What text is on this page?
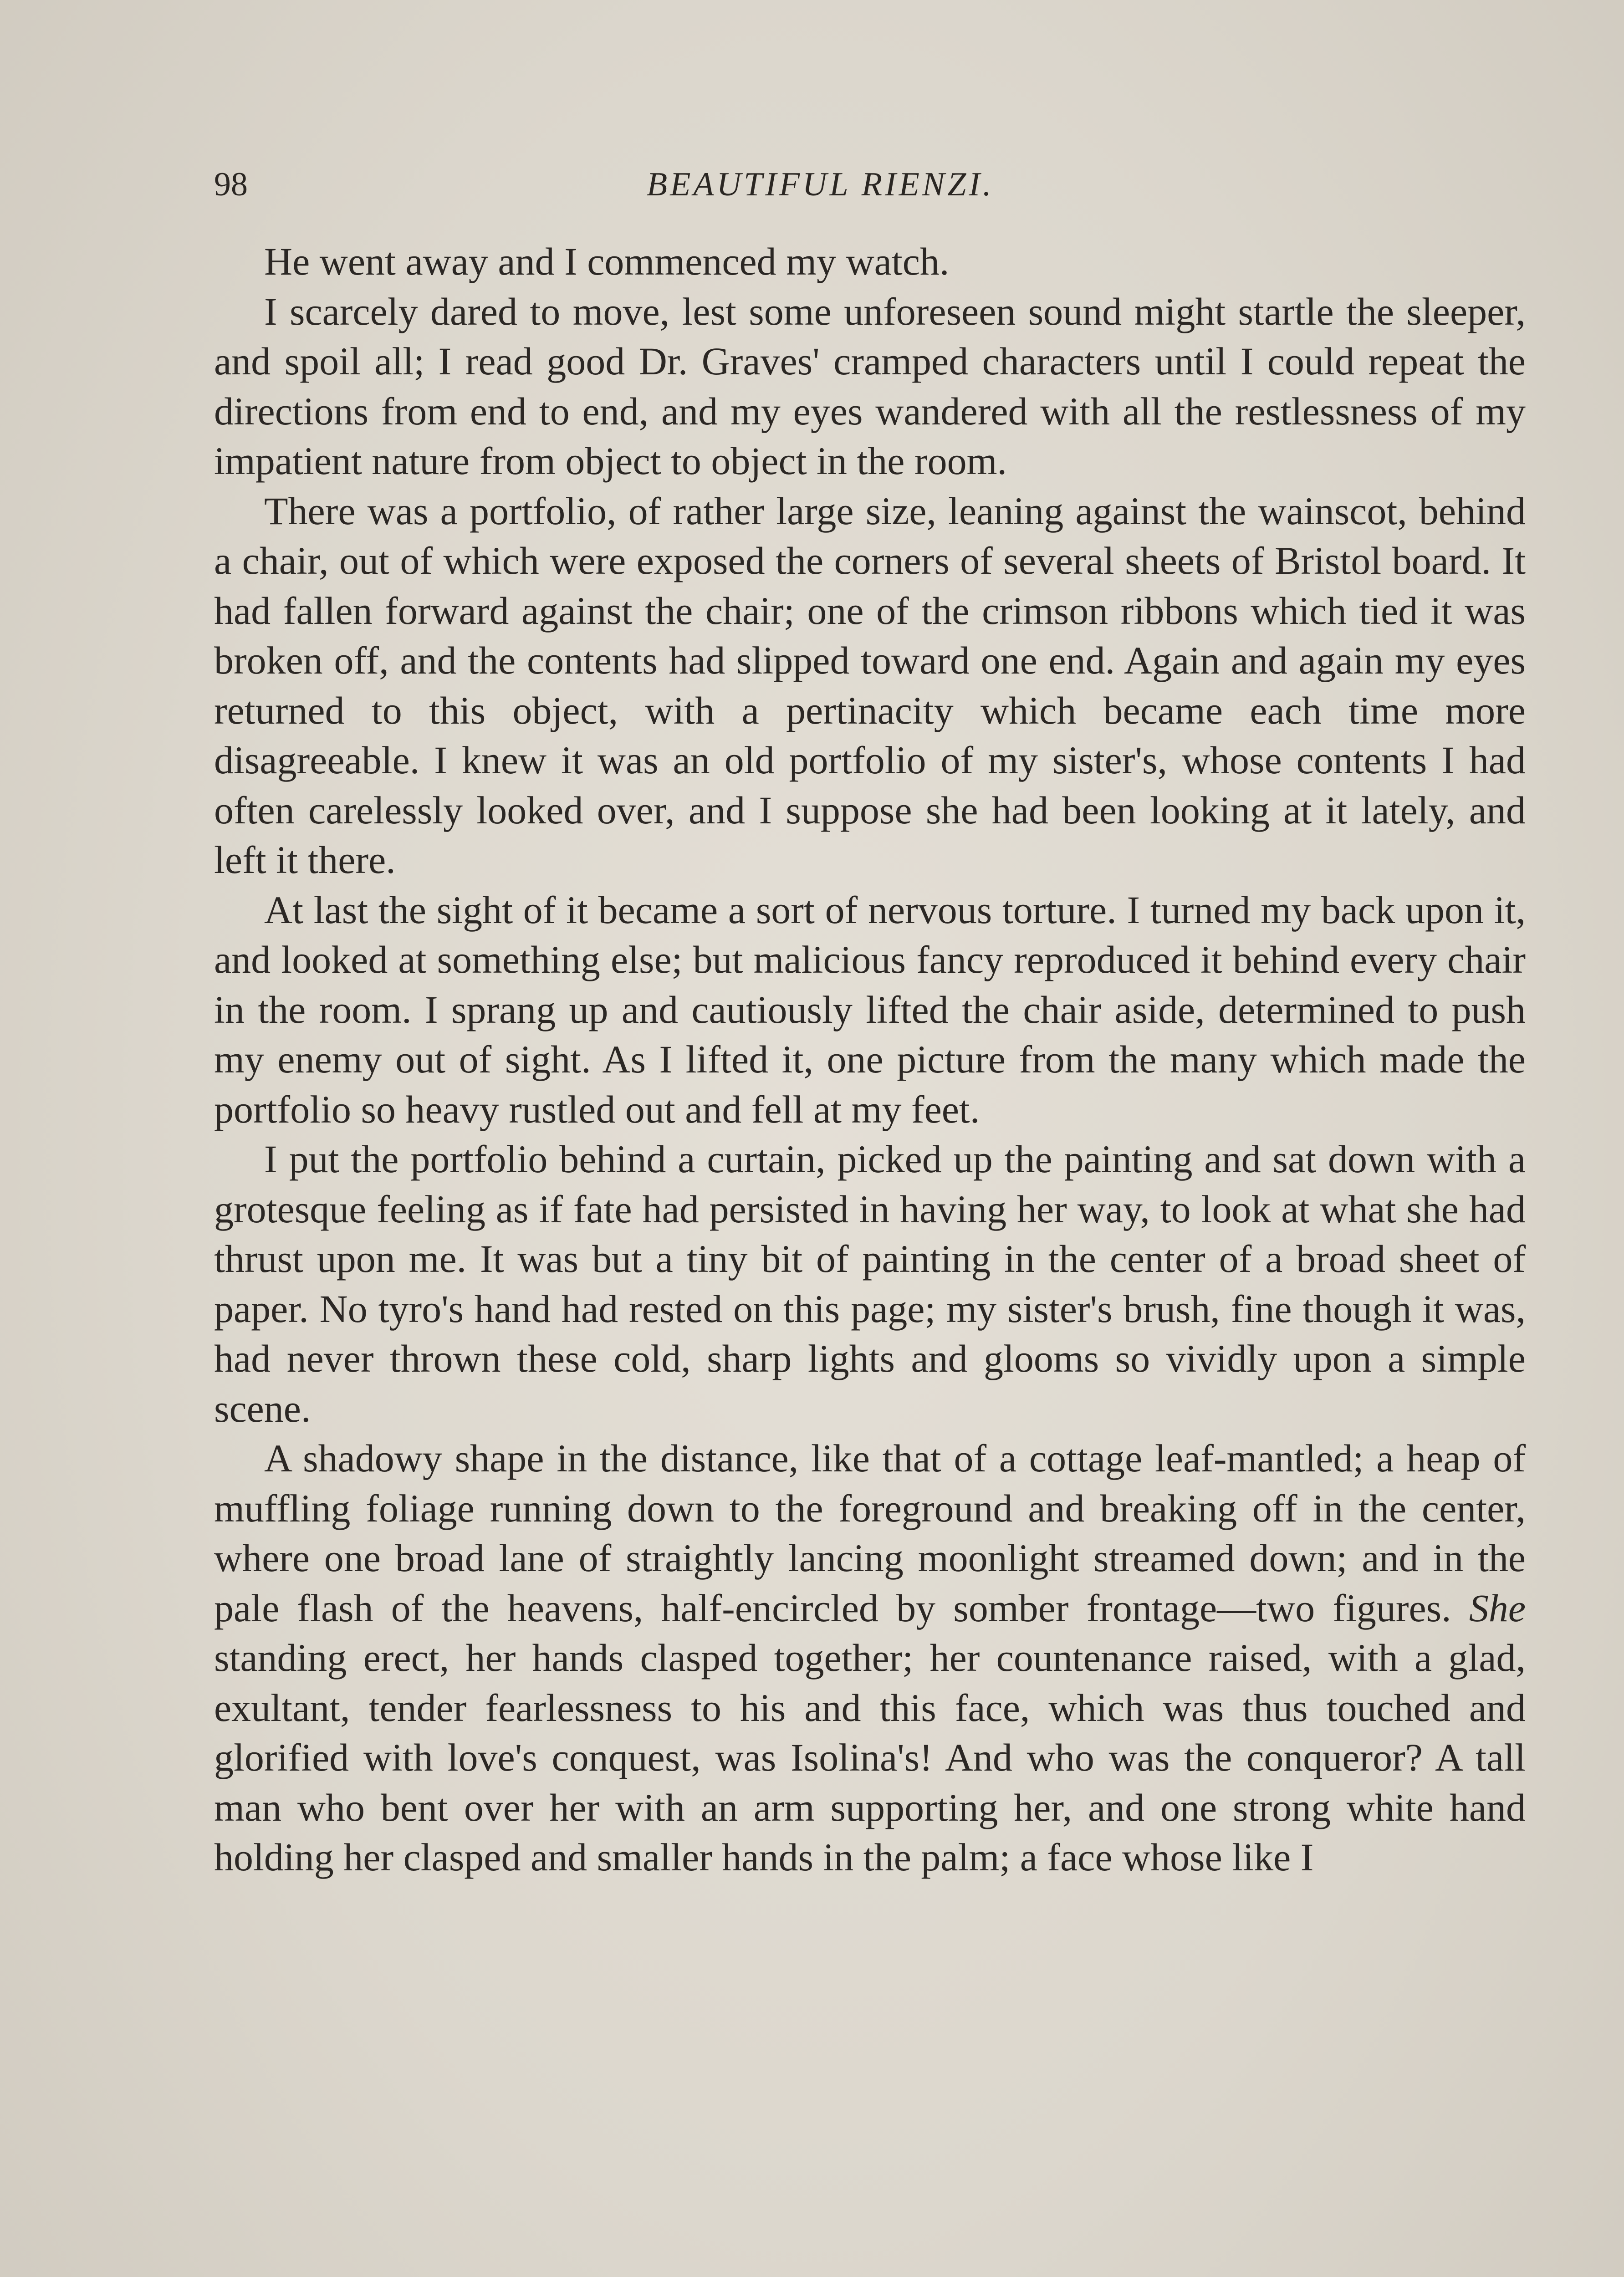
98	BEAUTIFUL RIENZI.

He went away and I commenced my watch.

I scarcely dared to move, lest some unforeseen sound might startle the sleeper, and spoil all; I read good Dr. Graves' cramped characters until I could repeat the directions from end to end, and my eyes wandered with all the restlessness of my impatient nature from object to object in the room.

There was a portfolio, of rather large size, leaning against the wainscot, behind a chair, out of which were exposed the corners of several sheets of Bristol board. It had fallen forward against the chair; one of the crimson ribbons which tied it was broken off, and the contents had slipped toward one end. Again and again my eyes returned to this object, with a pertinacity which became each time more disagreeable. I knew it was an old portfolio of my sister's, whose contents I had often carelessly looked over, and I suppose she had been looking at it lately, and left it there.

At last the sight of it became a sort of nervous torture. I turned my back upon it, and looked at something else; but malicious fancy reproduced it behind every chair in the room. I sprang up and cautiously lifted the chair aside, determined to push my enemy out of sight. As I lifted it, one picture from the many which made the portfolio so heavy rustled out and fell at my feet.

I put the portfolio behind a curtain, picked up the painting and sat down with a grotesque feeling as if fate had persisted in having her way, to look at what she had thrust upon me. It was but a tiny bit of painting in the center of a broad sheet of paper. No tyro's hand had rested on this page; my sister's brush, fine though it was, had never thrown these cold, sharp lights and glooms so vividly upon a simple scene.

A shadowy shape in the distance, like that of a cottage leaf-mantled; a heap of muffling foliage running down to the foreground and breaking off in the center, where one broad lane of straightly lancing moonlight streamed down; and in the pale flash of the heavens, half-encircled by somber frontage—two figures. She standing erect, her hands clasped together; her countenance raised, with a glad, exultant, tender fearlessness to his and this face, which was thus touched and glorified with love's conquest, was Isolina's! And who was the conqueror? A tall man who bent over her with an arm supporting her, and one strong white hand holding her clasped and smaller hands in the palm; a face whose like I
